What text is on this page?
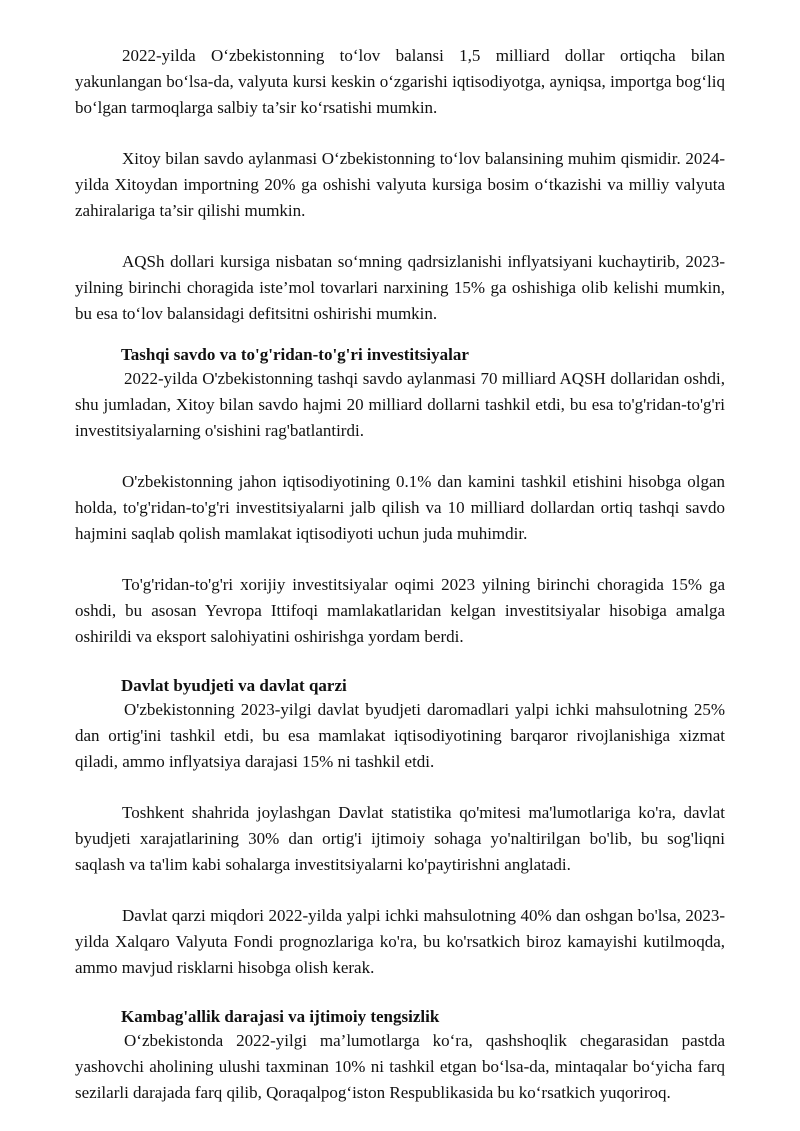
2022-yilda O‘zbekistonning to‘lov balansi 1,5 milliard dollar ortiqcha bilan yakunlangan bo‘lsa-da, valyuta kursi keskin o‘zgarishi iqtisodiyotga, ayniqsa, importga bog‘liq bo‘lgan tarmoqlarga salbiy ta’sir ko‘rsatishi mumkin.

Xitoy bilan savdo aylanmasi O‘zbekistonning to‘lov balansining muhim qismidir. 2024-yilda Xitoydan importning 20% ga oshishi valyuta kursiga bosim o‘tkazishi va milliy valyuta zahiralariga ta’sir qilishi mumkin.

AQSh dollari kursiga nisbatan so‘mning qadrsizlanishi inflyatsiyani kuchaytirib, 2023-yilning birinchi choragida iste’mol tovarlari narxining 15% ga oshishiga olib kelishi mumkin, bu esa to‘lov balansidagi defitsitni oshirishi mumkin.

Tashqi savdo va to'g'ridan-to'g'ri investitsiyalar

2022-yilda O'zbekistonning tashqi savdo aylanmasi 70 milliard AQSH dollaridan oshdi, shu jumladan, Xitoy bilan savdo hajmi 20 milliard dollarni tashkil etdi, bu esa to'g'ridan-to'g'ri investitsiyalarning o'sishini rag'batlantirdi.

O'zbekistonning jahon iqtisodiyotining 0.1% dan kamini tashkil etishini hisobga olgan holda, to'g'ridan-to'g'ri investitsiyalarni jalb qilish va 10 milliard dollardan ortiq tashqi savdo hajmini saqlab qolish mamlakat iqtisodiyoti uchun juda muhimdir.

To'g'ridan-to'g'ri xorijiy investitsiyalar oqimi 2023 yilning birinchi choragida 15% ga oshdi, bu asosan Yevropa Ittifoqi mamlakatlaridan kelgan investitsiyalar hisobiga amalga oshirildi va eksport salohiyatini oshirishga yordam berdi.

Davlat byudjeti va davlat qarzi

O'zbekistonning 2023-yilgi davlat byudjeti daromadlari yalpi ichki mahsulotning 25% dan ortig'ini tashkil etdi, bu esa mamlakat iqtisodiyotining barqaror rivojlanishiga xizmat qiladi, ammo inflyatsiya darajasi 15% ni tashkil etdi.

Toshkent shahrida joylashgan Davlat statistika qo'mitesi ma'lumotlariga ko'ra, davlat byudjeti xarajatlarining 30% dan ortig'i ijtimoiy sohaga yo'naltirilgan bo'lib, bu sog'liqni saqlash va ta'lim kabi sohalarga investitsiyalarni ko'paytirishni anglatadi.

Davlat qarzi miqdori 2022-yilda yalpi ichki mahsulotning 40% dan oshgan bo'lsa, 2023-yilda Xalqaro Valyuta Fondi prognozlariga ko'ra, bu ko'rsatkich biroz kamayishi kutilmoqda, ammo mavjud risklarni hisobga olish kerak.

Kambag'allik darajasi va ijtimoiy tengsizlik

O‘zbekistonda 2022-yilgi ma’lumotlarga ko‘ra, qashshoqlik chegarasidan pastda yashovchi aholining ulushi taxminan 10% ni tashkil etgan bo‘lsa-da, mintaqalar bo‘yicha farq sezilarli darajada farq qilib, Qoraqalpog‘iston Respublikasida bu ko‘rsatkich yuqoriroq.
